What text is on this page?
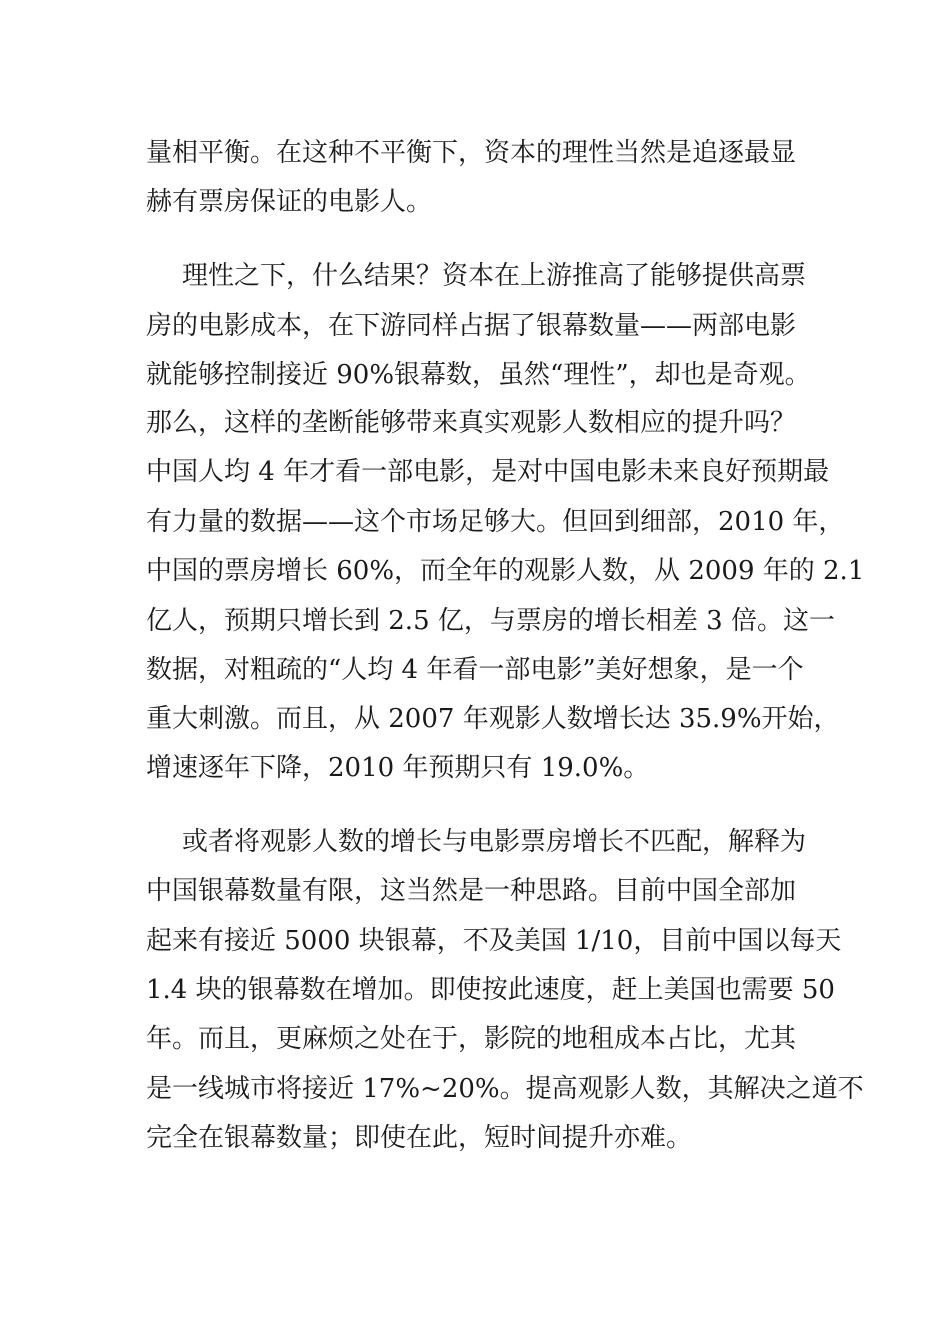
量相平衡。在这种不平衡下，资本的理性当然是追逐最显
赫有票房保证的电影人。
理性之下，什么结果？资本在上游推高了能够提供高票
房的电影成本，在下游同样占据了银幕数量——两部电影
就能够控制接近 90%银幕数，虽然“理性”，却也是奇观。
那么，这样的垄断能够带来真实观影人数相应的提升吗？
中国人均 4 年才看一部电影，是对中国电影未来良好预期最
有力量的数据——这个市场足够大。但回到细部，2010 年，
中国的票房增长 60%，而全年的观影人数，从 2009 年的 2.1
亿人，预期只增长到 2.5 亿，与票房的增长相差 3 倍。这一
数据，对粗疏的“人均 4 年看一部电影”美好想象，是一个
重大刺激。而且，从 2007 年观影人数增长达 35.9%开始，
增速逐年下降，2010 年预期只有 19.0%。
或者将观影人数的增长与电影票房增长不匹配，解释为
中国银幕数量有限，这当然是一种思路。目前中国全部加
起来有接近 5000 块银幕，不及美国 1/10，目前中国以每天
1.4 块的银幕数在增加。即使按此速度，赶上美国也需要 50
年。而且，更麻烦之处在于，影院的地租成本占比，尤其
是一线城市将接近 17%~20%。提高观影人数，其解决之道不
完全在银幕数量；即使在此，短时间提升亦难。
